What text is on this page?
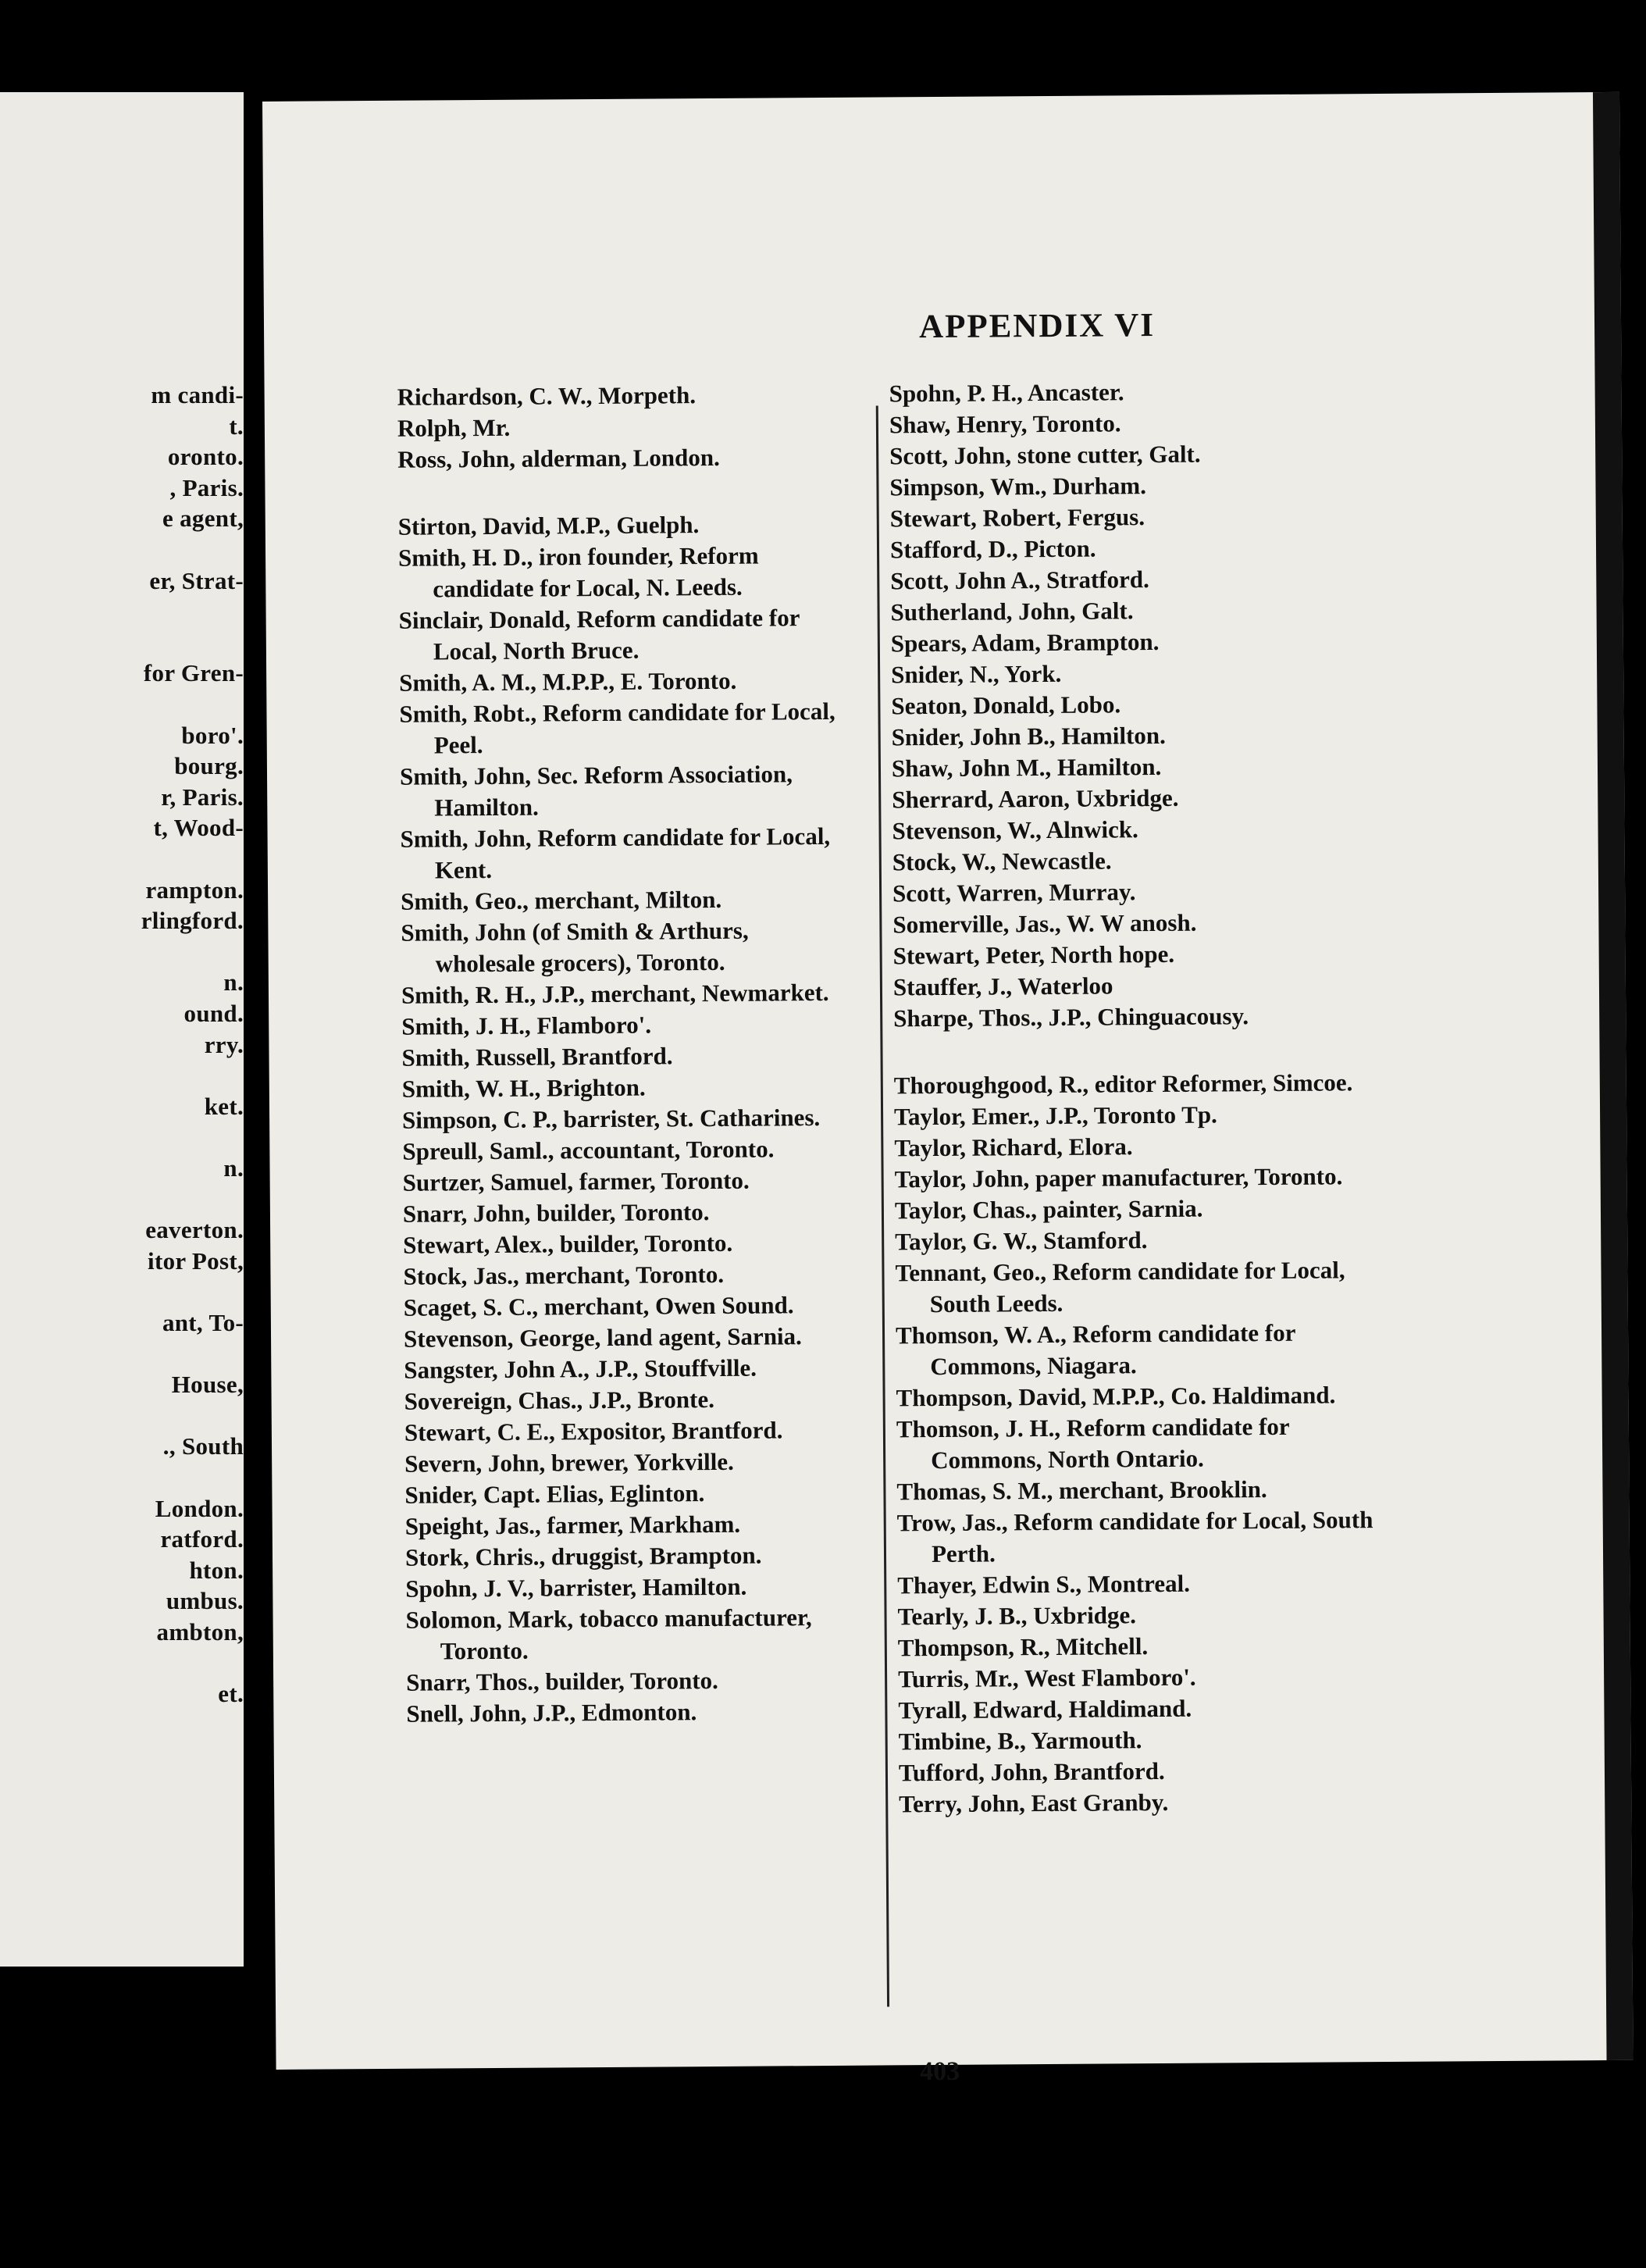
m candi-
t.
oronto.
, Paris.
e agent,
er, Strat-
for Gren-
boro'.
bourg.
r, Paris.
t, Wood-
rampton.
rlingford.
n.
ound.
rry.
ket.
n.
eaverton.
itor Post,
ant, To-
House,
., South
London.
ratford.
hton.
umbus.
ambton,
et.
APPENDIX VI

Richardson, C. W., Morpeth.

Rolph, Mr.

Ross, John, alderman, London.

Stirton, David, M.P., Guelph.

Smith, H. D., iron founder, Reform candidate for Local, N. Leeds.

Sinclair, Donald, Reform candidate for Local, North Bruce.

Smith, A. M., M.P.P., E. Toronto.

Smith, Robt., Reform candidate for Local, Peel.

Smith, John, Sec. Reform Association, Hamilton.

Smith, John, Reform candidate for Local, Kent.

Smith, Geo., merchant, Milton.

Smith, John (of Smith & Arthurs, wholesale grocers), Toronto.

Smith, R. H., J.P., merchant, Newmarket.

Smith, J. H., Flamboro'.

Smith, Russell, Brantford.

Smith, W. H., Brighton.

Simpson, C. P., barrister, St. Catharines.

Spreull, Saml., accountant, Toronto.

Surtzer, Samuel, farmer, Toronto.

Snarr, John, builder, Toronto.

Stewart, Alex., builder, Toronto.

Stock, Jas., merchant, Toronto.

Scaget, S. C., merchant, Owen Sound.

Stevenson, George, land agent, Sarnia.

Sangster, John A., J.P., Stouffville.

Sovereign, Chas., J.P., Bronte.

Stewart, C. E., Expositor, Brantford.

Severn, John, brewer, Yorkville.

Snider, Capt. Elias, Eglinton.

Speight, Jas., farmer, Markham.

Stork, Chris., druggist, Brampton.

Spohn, J. V., barrister, Hamilton.

Solomon, Mark, tobacco manufacturer, Toronto.

Snarr, Thos., builder, Toronto.

Snell, John, J.P., Edmonton.

Spohn, P. H., Ancaster.

Shaw, Henry, Toronto.

Scott, John, stone cutter, Galt.

Simpson, Wm., Durham.

Stewart, Robert, Fergus.

Stafford, D., Picton.

Scott, John A., Stratford.

Sutherland, John, Galt.

Spears, Adam, Brampton.

Snider, N., York.

Seaton, Donald, Lobo.

Snider, John B., Hamilton.

Shaw, John M., Hamilton.

Sherrard, Aaron, Uxbridge.

Stevenson, W., Alnwick.

Stock, W., Newcastle.

Scott, Warren, Murray.

Somerville, Jas., W. W anosh.

Stewart, Peter, North hope.

Stauffer, J., Waterloo

Sharpe, Thos., J.P., Chinguacousy.

Thoroughgood, R., editor Reformer, Simcoe.

Taylor, Emer., J.P., Toronto Tp.

Taylor, Richard, Elora.

Taylor, John, paper manufacturer, Toronto.

Taylor, Chas., painter, Sarnia.

Taylor, G. W., Stamford.

Tennant, Geo., Reform candidate for Local, South Leeds.

Thomson, W. A., Reform candidate for Commons, Niagara.

Thompson, David, M.P.P., Co. Haldimand.

Thomson, J. H., Reform candidate for Commons, North Ontario.

Thomas, S. M., merchant, Brooklin.

Trow, Jas., Reform candidate for Local, South Perth.

Thayer, Edwin S., Montreal.

Tearly, J. B., Uxbridge.

Thompson, R., Mitchell.

Turris, Mr., West Flamboro'.

Tyrall, Edward, Haldimand.

Timbine, B., Yarmouth.

Tufford, John, Brantford.

Terry, John, East Granby.

403
